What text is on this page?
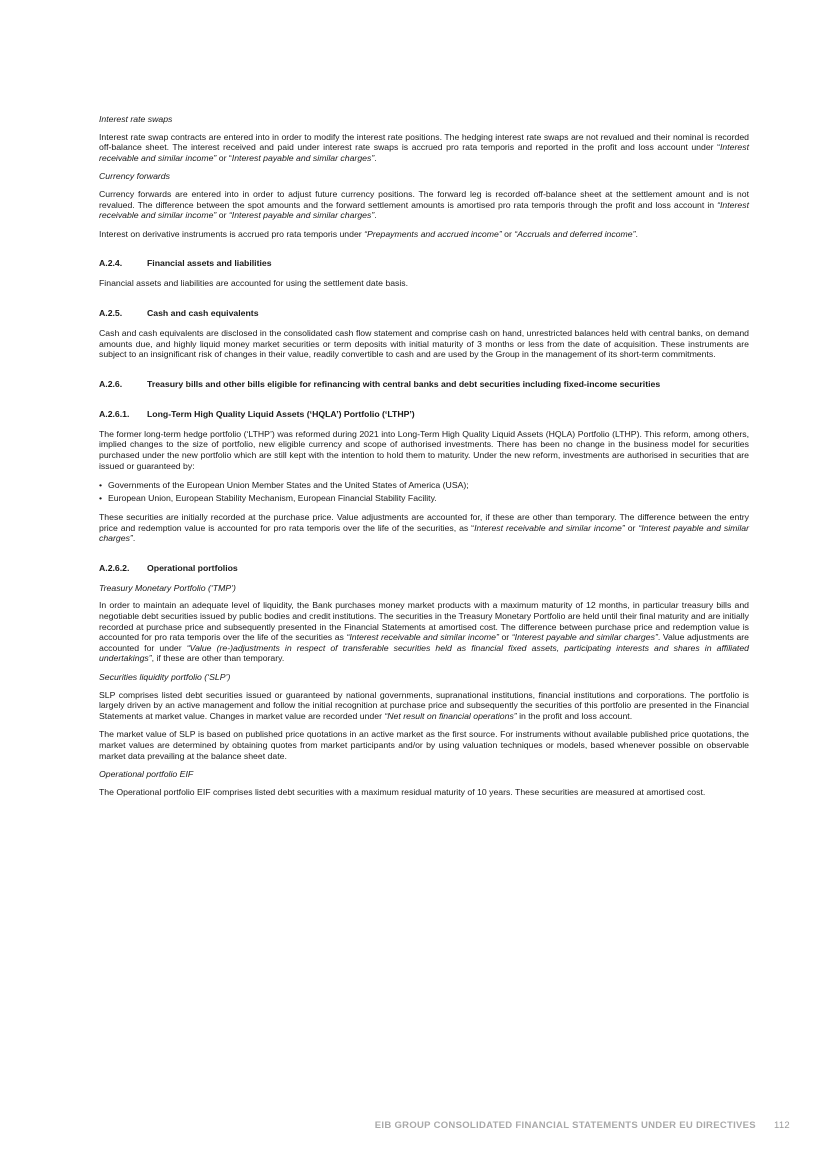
Interest rate swaps

Interest rate swap contracts are entered into in order to modify the interest rate positions. The hedging interest rate swaps are not revalued and their nominal is recorded off-balance sheet. The interest received and paid under interest rate swaps is accrued pro rata temporis and reported in the profit and loss account under “Interest receivable and similar income” or “Interest payable and similar charges”.

Currency forwards

Currency forwards are entered into in order to adjust future currency positions. The forward leg is recorded off-balance sheet at the settlement amount and is not revalued. The difference between the spot amounts and the forward settlement amounts is amortised pro rata temporis through the profit and loss account in “Interest receivable and similar income” or “Interest payable and similar charges”.

Interest on derivative instruments is accrued pro rata temporis under “Prepayments and accrued income” or “Accruals and deferred income”.

A.2.4.	Financial assets and liabilities

Financial assets and liabilities are accounted for using the settlement date basis.

A.2.5.	Cash and cash equivalents

Cash and cash equivalents are disclosed in the consolidated cash flow statement and comprise cash on hand, unrestricted balances held with central banks, on demand amounts due, and highly liquid money market securities or term deposits with initial maturity of 3 months or less from the date of acquisition. These instruments are subject to an insignificant risk of changes in their value, readily convertible to cash and are used by the Group in the management of its short-term commitments.

A.2.6.	Treasury bills and other bills eligible for refinancing with central banks and debt securities including fixed-income securities
A.2.6.1.	Long-Term High Quality Liquid Assets (‘HQLA’) Portfolio (‘LTHP’)

The former long-term hedge portfolio (‘LTHP’) was reformed during 2021 into Long-Term High Quality Liquid Assets (HQLA) Portfolio (LTHP). This reform, among others, implied changes to the size of portfolio, new eligible currency and scope of authorised investments. There has been no change in the business model for securities purchased under the new portfolio which are still kept with the intention to hold them to maturity. Under the new reform, investments are authorised in securities that are issued or guaranteed by:

• Governments of the European Union Member States and the United States of America (USA);
• European Union, European Stability Mechanism, European Financial Stability Facility.

These securities are initially recorded at the purchase price. Value adjustments are accounted for, if these are other than temporary. The difference between the entry price and redemption value is accounted for pro rata temporis over the life of the securities, as “Interest receivable and similar income” or “Interest payable and similar charges”.

A.2.6.2.	Operational portfolios

Treasury Monetary Portfolio (‘TMP’)

In order to maintain an adequate level of liquidity, the Bank purchases money market products with a maximum maturity of 12 months, in particular treasury bills and negotiable debt securities issued by public bodies and credit institutions. The securities in the Treasury Monetary Portfolio are held until their final maturity and are initially recorded at purchase price and subsequently presented in the Financial Statements at amortised cost. The difference between purchase price and redemption value is accounted for pro rata temporis over the life of the securities as “Interest receivable and similar income” or “Interest payable and similar charges”. Value adjustments are accounted for under “Value (re-)adjustments in respect of transferable securities held as financial fixed assets, participating interests and shares in affiliated undertakings”, if these are other than temporary.

Securities liquidity portfolio (‘SLP’)

SLP comprises listed debt securities issued or guaranteed by national governments, supranational institutions, financial institutions and corporations. The portfolio is largely driven by an active management and follow the initial recognition at purchase price and subsequently the securities of this portfolio are presented in the Financial Statements at market value. Changes in market value are recorded under “Net result on financial operations” in the profit and loss account.

The market value of SLP is based on published price quotations in an active market as the first source. For instruments without available published price quotations, the market values are determined by obtaining quotes from market participants and/or by using valuation techniques or models, based whenever possible on observable market data prevailing at the balance sheet date.

Operational portfolio EIF

The Operational portfolio EIF comprises listed debt securities with a maximum residual maturity of 10 years. These securities are measured at amortised cost.

EIB GROUP CONSOLIDATED FINANCIAL STATEMENTS UNDER EU DIRECTIVES 112
